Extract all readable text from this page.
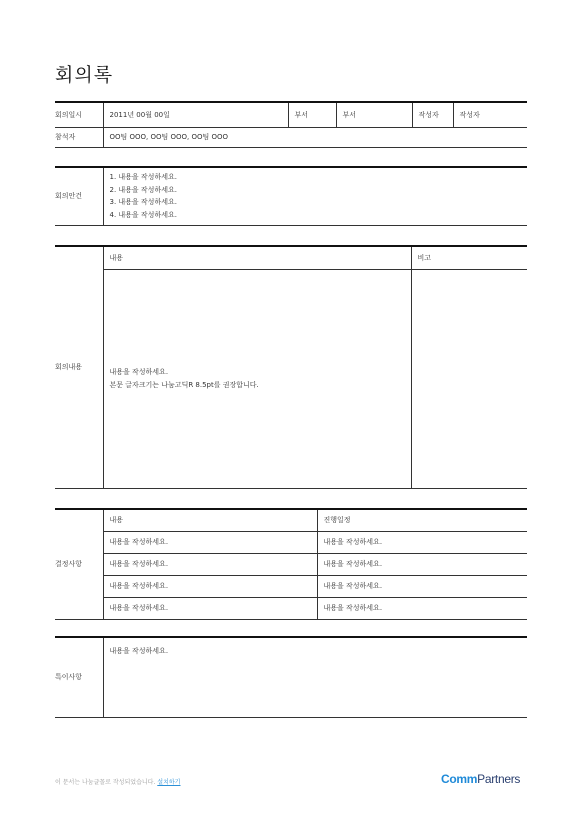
회의록
회의일시	2011년 00월 00일	부서	부서	작성자	작성자
참석자	OO팀 OOO, OO팀 OOO, OO팀 OOO				
회의안건	
1. 내용을 작성하세요.
2. 내용을 작성하세요.
3. 내용을 작성하세요.
4. 내용을 작성하세요.
회의내용	내용	비고

	내용을 작성하세요.
본문 글자크기는 나눔고딕R 8.5pt를 권장합니다.	

결정사항	내용	진행일정
	내용을 작성하세요.	내용을 작성하세요.
	내용을 작성하세요.	내용을 작성하세요.
	내용을 작성하세요.	내용을 작성하세요.
	내용을 작성하세요.	내용을 작성하세요.
특이사항	내용을 작성하세요.
이 문서는 나눔글꼴로 작성되었습니다. 설치하기	CommPartners
